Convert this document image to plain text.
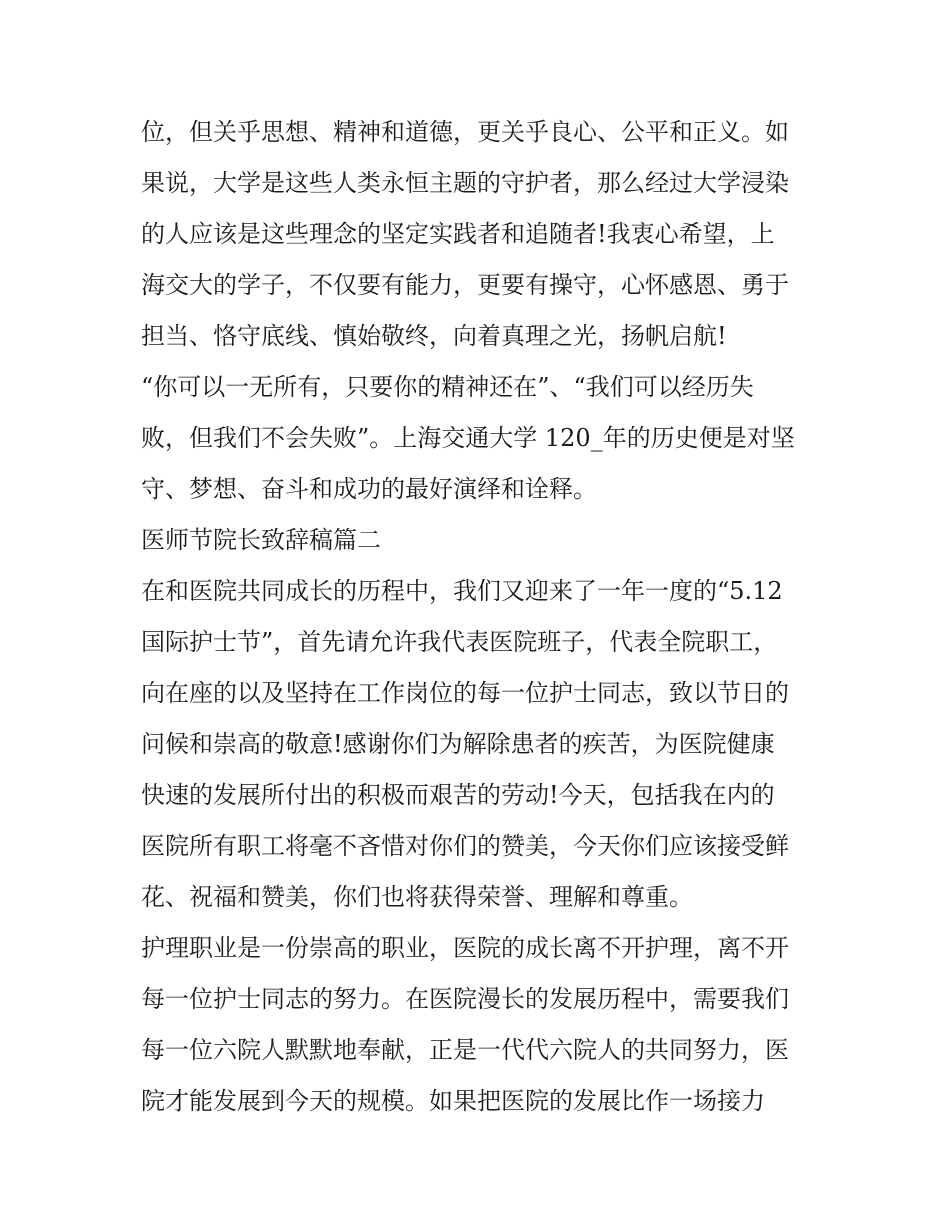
位，但关乎思想、精神和道德，更关乎良心、公平和正义。如
果说，大学是这些人类永恒主题的守护者，那么经过大学浸染
的人应该是这些理念的坚定实践者和追随者!我衷心希望，上
海交大的学子，不仅要有能力，更要有操守，心怀感恩、勇于
担当、恪守底线、慎始敬终，向着真理之光，扬帆启航!
“你可以一无所有，只要你的精神还在”、“我们可以经历失
败，但我们不会失败”。上海交通大学 120_年的历史便是对坚
守、梦想、奋斗和成功的最好演绎和诠释。
医师节院长致辞稿篇二
在和医院共同成长的历程中，我们又迎来了一年一度的“5.12
国际护士节”，首先请允许我代表医院班子，代表全院职工，
向在座的以及坚持在工作岗位的每一位护士同志，致以节日的
问候和崇高的敬意!感谢你们为解除患者的疾苦，为医院健康
快速的发展所付出的积极而艰苦的劳动!今天，包括我在内的
医院所有职工将毫不吝惜对你们的赞美，今天你们应该接受鲜
花、祝福和赞美，你们也将获得荣誉、理解和尊重。
护理职业是一份崇高的职业，医院的成长离不开护理，离不开
每一位护士同志的努力。在医院漫长的发展历程中，需要我们
每一位六院人默默地奉献，正是一代代六院人的共同努力，医
院才能发展到今天的规模。如果把医院的发展比作一场接力
